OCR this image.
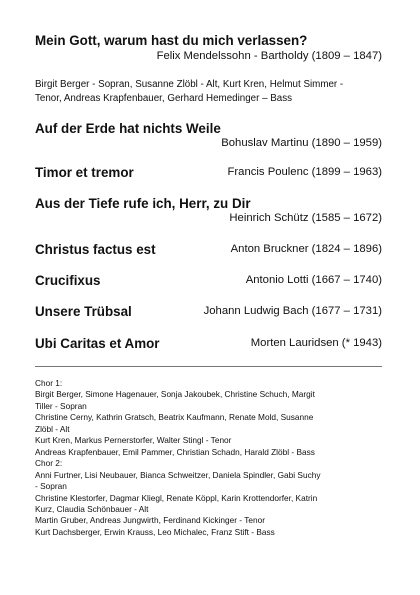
Mein Gott, warum hast du mich verlassen?
Felix Mendelssohn - Bartholdy (1809 – 1847)
Birgit Berger - Sopran, Susanne Zlöbl - Alt, Kurt Kren, Helmut Simmer -
Tenor, Andreas Krapfenbauer, Gerhard Hemedinger – Bass
Auf der Erde hat nichts Weile
Bohuslav Martinu (1890 – 1959)
Timor et tremor	Francis Poulenc (1899 – 1963)
Aus der Tiefe rufe ich, Herr, zu Dir
Heinrich Schütz (1585 – 1672)
Christus factus est	Anton Bruckner (1824 – 1896)
Crucifixus	Antonio Lotti (1667 – 1740)
Unsere Trübsal	Johann Ludwig Bach (1677 – 1731)
Ubi Caritas et Amor	Morten Lauridsen (* 1943)
Chor 1:
Birgit Berger, Simone Hagenauer, Sonja Jakoubek, Christine Schuch, Margit
Tiller - Sopran
Christine Cerny, Kathrin Gratsch, Beatrix Kaufmann, Renate Mold, Susanne
Zlöbl - Alt
Kurt Kren, Markus Pernerstorfer, Walter Stingl - Tenor
Andreas Krapfenbauer, Emil Pammer, Christian Schadn, Harald Zlöbl - Bass
Chor 2:
Anni Furtner, Lisi Neubauer, Bianca Schweitzer, Daniela Spindler, Gabi Suchy
- Sopran
Christine Klestorfer, Dagmar Kliegl, Renate Köppl, Karin Krottendorfer, Katrin
Kurz, Claudia Schönbauer - Alt
Martin Gruber, Andreas Jungwirth, Ferdinand Kickinger - Tenor
Kurt Dachsberger, Erwin Krauss, Leo Michalec, Franz Stift - Bass
